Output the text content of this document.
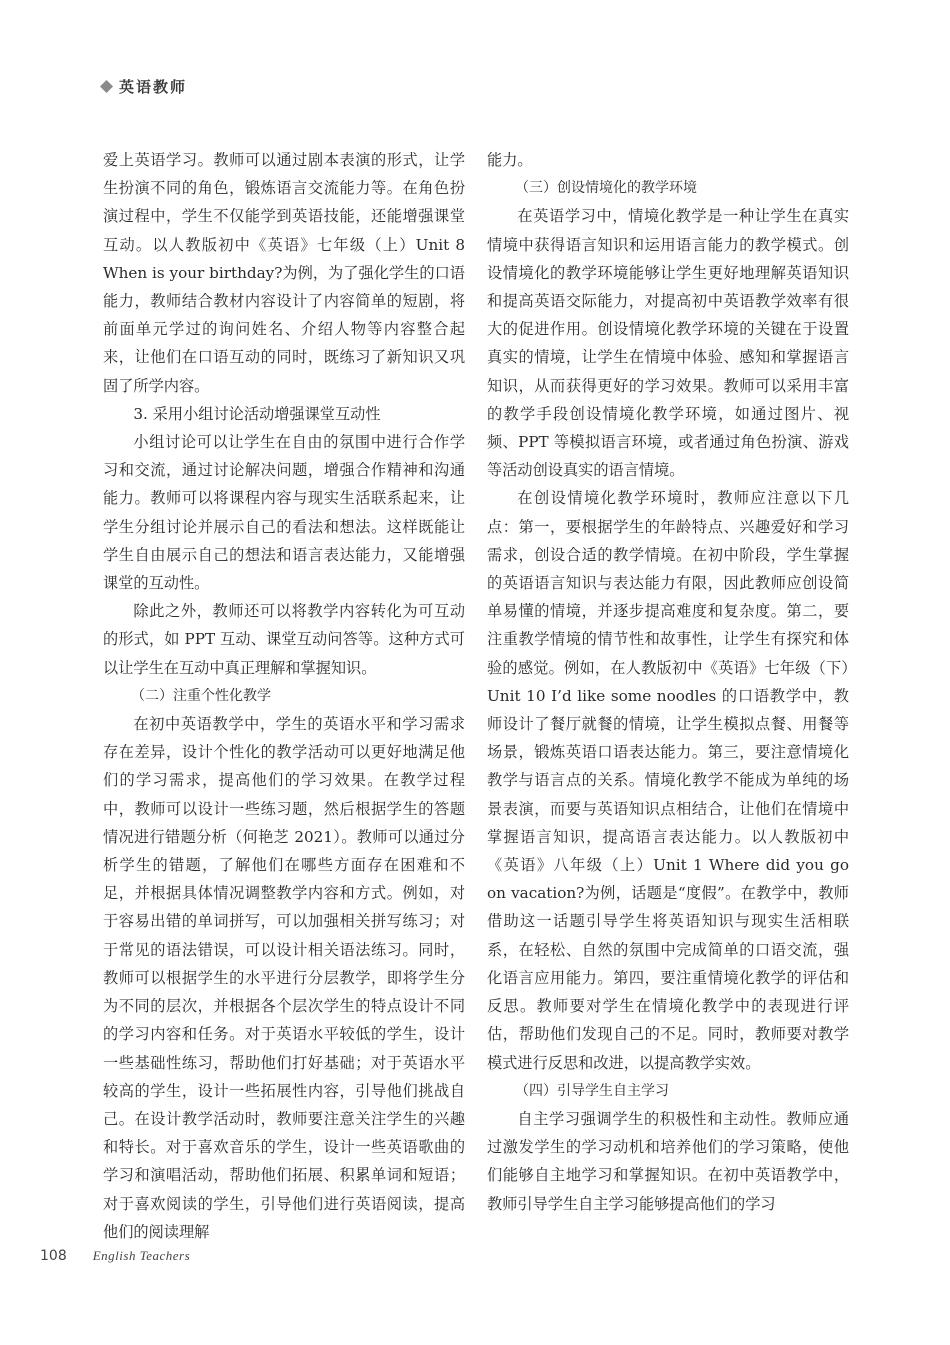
英语教师

爱上英语学习。教师可以通过剧本表演的形式，让学生扮演不同的角色，锻炼语言交流能力等。在角色扮演过程中，学生不仅能学到英语技能，还能增强课堂互动。以人教版初中《英语》七年级（上）Unit 8 When is your birthday?为例，为了强化学生的口语能力，教师结合教材内容设计了内容简单的短剧，将前面单元学过的询问姓名、介绍人物等内容整合起来，让他们在口语互动的同时，既练习了新知识又巩固了所学内容。

3. 采用小组讨论活动增强课堂互动性

小组讨论可以让学生在自由的氛围中进行合作学习和交流，通过讨论解决问题，增强合作精神和沟通能力。教师可以将课程内容与现实生活联系起来，让学生分组讨论并展示自己的看法和想法。这样既能让学生自由展示自己的想法和语言表达能力，又能增强课堂的互动性。

除此之外，教师还可以将教学内容转化为可互动的形式，如 PPT 互动、课堂互动问答等。这种方式可以让学生在互动中真正理解和掌握知识。

（二）注重个性化教学

在初中英语教学中，学生的英语水平和学习需求存在差异，设计个性化的教学活动可以更好地满足他们的学习需求，提高他们的学习效果。在教学过程中，教师可以设计一些练习题，然后根据学生的答题情况进行错题分析（何艳芝 2021）。教师可以通过分析学生的错题，了解他们在哪些方面存在困难和不足，并根据具体情况调整教学内容和方式。例如，对于容易出错的单词拼写，可以加强相关拼写练习；对于常见的语法错误，可以设计相关语法练习。同时，教师可以根据学生的水平进行分层教学，即将学生分为不同的层次，并根据各个层次学生的特点设计不同的学习内容和任务。对于英语水平较低的学生，设计一些基础性练习，帮助他们打好基础；对于英语水平较高的学生，设计一些拓展性内容，引导他们挑战自己。在设计教学活动时，教师要注意关注学生的兴趣和特长。对于喜欢音乐的学生，设计一些英语歌曲的学习和演唱活动，帮助他们拓展、积累单词和短语；对于喜欢阅读的学生，引导他们进行英语阅读，提高他们的阅读理解

能力。

（三）创设情境化的教学环境

在英语学习中，情境化教学是一种让学生在真实情境中获得语言知识和运用语言能力的教学模式。创设情境化的教学环境能够让学生更好地理解英语知识和提高英语交际能力，对提高初中英语教学效率有很大的促进作用。创设情境化教学环境的关键在于设置真实的情境，让学生在情境中体验、感知和掌握语言知识，从而获得更好的学习效果。教师可以采用丰富的教学手段创设情境化教学环境，如通过图片、视频、PPT 等模拟语言环境，或者通过角色扮演、游戏等活动创设真实的语言情境。

在创设情境化教学环境时，教师应注意以下几点：第一，要根据学生的年龄特点、兴趣爱好和学习需求，创设合适的教学情境。在初中阶段，学生掌握的英语语言知识与表达能力有限，因此教师应创设简单易懂的情境，并逐步提高难度和复杂度。第二，要注重教学情境的情节性和故事性，让学生有探究和体验的感觉。例如，在人教版初中《英语》七年级（下）Unit 10 I’d like some noodles 的口语教学中，教师设计了餐厅就餐的情境，让学生模拟点餐、用餐等场景，锻炼英语口语表达能力。第三，要注意情境化教学与语言点的关系。情境化教学不能成为单纯的场景表演，而要与英语知识点相结合，让他们在情境中掌握语言知识，提高语言表达能力。以人教版初中《英语》八年级（上）Unit 1 Where did you go on vacation?为例，话题是“度假”。在教学中，教师借助这一话题引导学生将英语知识与现实生活相联系，在轻松、自然的氛围中完成简单的口语交流，强化语言应用能力。第四，要注重情境化教学的评估和反思。教师要对学生在情境化教学中的表现进行评估，帮助他们发现自己的不足。同时，教师要对教学模式进行反思和改进，以提高教学实效。

（四）引导学生自主学习

自主学习强调学生的积极性和主动性。教师应通过激发学生的学习动机和培养他们的学习策略，使他们能够自主地学习和掌握知识。在初中英语教学中，教师引导学生自主学习能够提高他们的学习

108 English Teachers
